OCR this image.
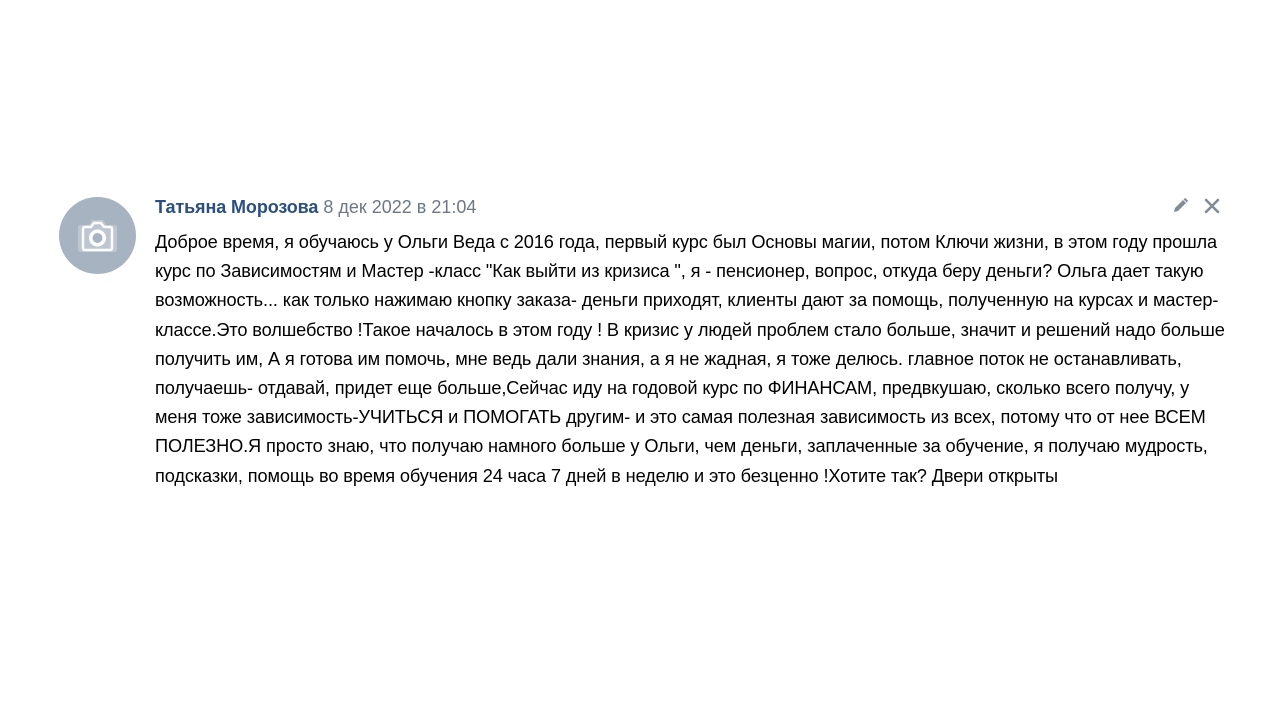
Татьяна Морозова 8 дек 2022 в 21:04
Доброе время, я обучаюсь у Ольги Веда с 2016 года, первый курс был Основы магии, потом Ключи жизни, в этом году прошла курс по Зависимостям и Мастер -класс "Как выйти из кризиса ", я - пенсионер, вопрос, откуда беру деньги? Ольга дает такую возможность... как только нажимаю кнопку заказа- деньги приходят, клиенты дают за помощь, полученную на курсах и мастер- классе.Это волшебство !Такое началось в этом году ! В кризис у людей проблем стало больше, значит и решений надо больше получить им, А я готова им помочь, мне ведь дали знания, а я не жадная, я тоже делюсь. главное поток не останавливать, получаешь- отдавай, придет еще больше,Сейчас иду на годовой курс по ФИНАНСАМ, предвкушаю, сколько всего получу, у меня тоже зависимость-УЧИТЬСЯ и ПОМОГАТЬ другим- и это самая полезная зависимость из всех, потому что от нее ВСЕМ ПОЛЕЗНО.Я просто знаю, что получаю намного больше у Ольги, чем деньги, заплаченные за обучение, я получаю мудрость, подсказки, помощь во время обучения 24 часа 7 дней в неделю и это безценно !Хотите так? Двери открыты
